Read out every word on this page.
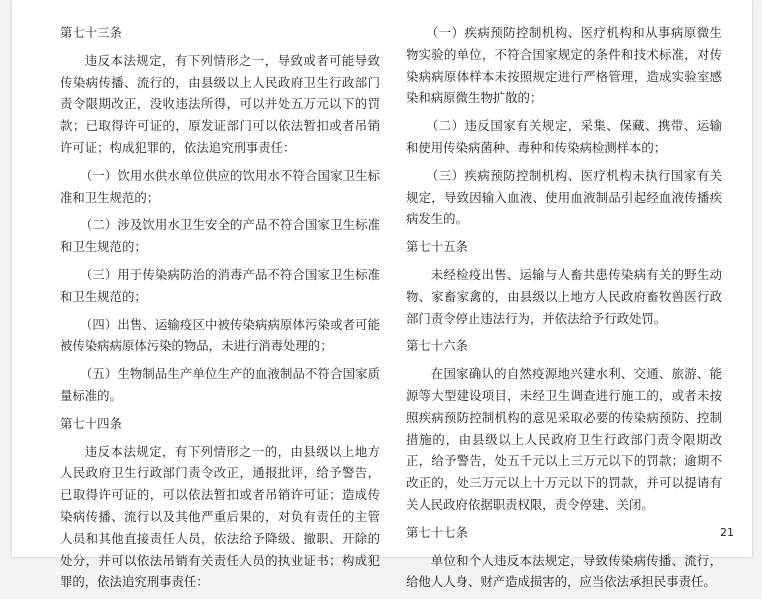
第七十三条

违反本法规定，有下列情形之一，导致或者可能导致传染病传播、流行的，由县级以上人民政府卫生行政部门责令限期改正，没收违法所得，可以并处五万元以下的罚款；已取得许可证的，原发证部门可以依法暂扣或者吊销许可证；构成犯罪的，依法追究刑事责任：

（一）饮用水供水单位供应的饮用水不符合国家卫生标准和卫生规范的；

（二）涉及饮用水卫生安全的产品不符合国家卫生标准和卫生规范的；

（三）用于传染病防治的消毒产品不符合国家卫生标准和卫生规范的；

（四）出售、运输疫区中被传染病病原体污染或者可能被传染病病原体污染的物品，未进行消毒处理的；

（五）生物制品生产单位生产的血液制品不符合国家质量标准的。

第七十四条

违反本法规定，有下列情形之一的，由县级以上地方人民政府卫生行政部门责令改正，通报批评，给予警告，已取得许可证的，可以依法暂扣或者吊销许可证；造成传染病传播、流行以及其他严重后果的，对负有责任的主管人员和其他直接责任人员，依法给予降级、撤职、开除的处分，并可以依法吊销有关责任人员的执业证书；构成犯罪的，依法追究刑事责任：

（一）疾病预防控制机构、医疗机构和从事病原微生物实验的单位，不符合国家规定的条件和技术标准，对传染病病原体样本未按照规定进行严格管理，造成实验室感染和病原微生物扩散的；

（二）违反国家有关规定，采集、保藏、携带、运输和使用传染病菌种、毒种和传染病检测样本的；

（三）疾病预防控制机构、医疗机构未执行国家有关规定，导致因输入血液、使用血液制品引起经血液传播疾病发生的。

第七十五条

未经检疫出售、运输与人畜共患传染病有关的野生动物、家畜家禽的，由县级以上地方人民政府畜牧兽医行政部门责令停止违法行为，并依法给予行政处罚。

第七十六条

在国家确认的自然疫源地兴建水利、交通、旅游、能源等大型建设项目，未经卫生调查进行施工的，或者未按照疾病预防控制机构的意见采取必要的传染病预防、控制措施的，由县级以上人民政府卫生行政部门责令限期改正，给予警告，处五千元以上三万元以下的罚款；逾期不改正的，处三万元以上十万元以下的罚款，并可以提请有关人民政府依据职责权限，责令停建、关闭。

第七十七条

单位和个人违反本法规定，导致传染病传播、流行，给他人人身、财产造成损害的，应当依法承担民事责任。

21
